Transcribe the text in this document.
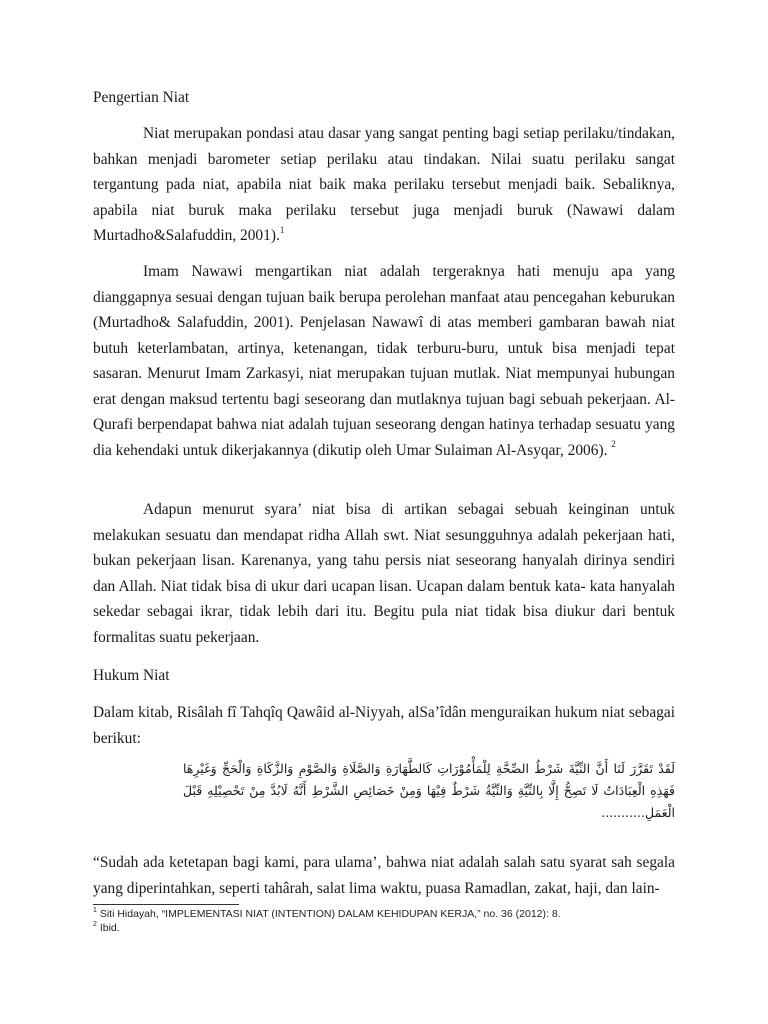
Pengertian Niat

Niat merupakan pondasi atau dasar yang sangat penting bagi setiap perilaku/tindakan, bahkan menjadi barometer setiap perilaku atau tindakan. Nilai suatu perilaku sangat tergantung pada niat, apabila niat baik maka perilaku tersebut menjadi baik. Sebaliknya, apabila niat buruk maka perilaku tersebut juga menjadi buruk (Nawawi dalam Murtadho&Salafuddin, 2001).$^1$

Imam Nawawi mengartikan niat adalah tergeraknya hati menuju apa yang dianggapnya sesuai dengan tujuan baik berupa perolehan manfaat atau pencegahan keburukan (Murtadho& Salafuddin, 2001). Penjelasan Nawawî di atas memberi gambaran bawah niat butuh keterlambatan, artinya, ketenangan, tidak terburu-buru, untuk bisa menjadi tepat sasaran. Menurut Imam Zarkasyi, niat merupakan tujuan mutlak. Niat mempunyai hubungan erat dengan maksud tertentu bagi seseorang dan mutlaknya tujuan bagi sebuah pekerjaan. Al-Qurafi berpendapat bahwa niat adalah tujuan seseorang dengan hatinya terhadap sesuatu yang dia kehendaki untuk dikerjakannya (dikutip oleh Umar Sulaiman Al-Asyqar, 2006). $^2$

Adapun menurut syara’ niat bisa di artikan sebagai sebuah keinginan untuk melakukan sesuatu dan mendapat ridha Allah swt. Niat sesungguhnya adalah pekerjaan hati, bukan pekerjaan lisan. Karenanya, yang tahu persis niat seseorang hanyalah dirinya sendiri dan Allah. Niat tidak bisa di ukur dari ucapan lisan. Ucapan dalam bentuk kata- kata hanyalah sekedar sebagai ikrar, tidak lebih dari itu. Begitu pula niat tidak bisa diukur dari bentuk formalitas suatu pekerjaan.

Hukum Niat

Dalam kitab, Risâlah fî Tahqîq Qawâid al-Niyyah, alSa’îdân menguraikan hukum niat sebagai berikut:

لَقَدْ تَقَرَّرَ لَنَا أَنَّ النِّيَّةَ شَرْطُ الصِّحَّةِ لِلْمَأْمُوْرَاتِ كَالطَّهَارَةِ وَالصَّلَاةِ وَالصَّوْمِ وَالزَّكَاةِ وَالْحَجِّ وَغَيْرِهَا فَهَذِهِ الْعِبَادَاتُ لَا تَصِحُّ إِلَّا بِالنِّيَّةِ وَالنِّيَّةُ شَرْطٌ فِيْهَا وَمِنْ خَصَائِصِ الشَّرْطِ أَنَّهُ لَابُدَّ مِنْ تَحْصِيْلِهِ قَبْلَ الْعَمَلِ...........

“Sudah ada ketetapan bagi kami, para ulama’, bahwa niat adalah salah satu syarat sah segala yang diperintahkan, seperti tahârah, salat lima waktu, puasa Ramadlan, zakat, haji, dan lain-

$^1$ Siti Hidayah, “IMPLEMENTASI NIAT (INTENTION) DALAM KEHIDUPAN KERJA,” no. 36 (2012): 8.
$^2$ Ibid.
